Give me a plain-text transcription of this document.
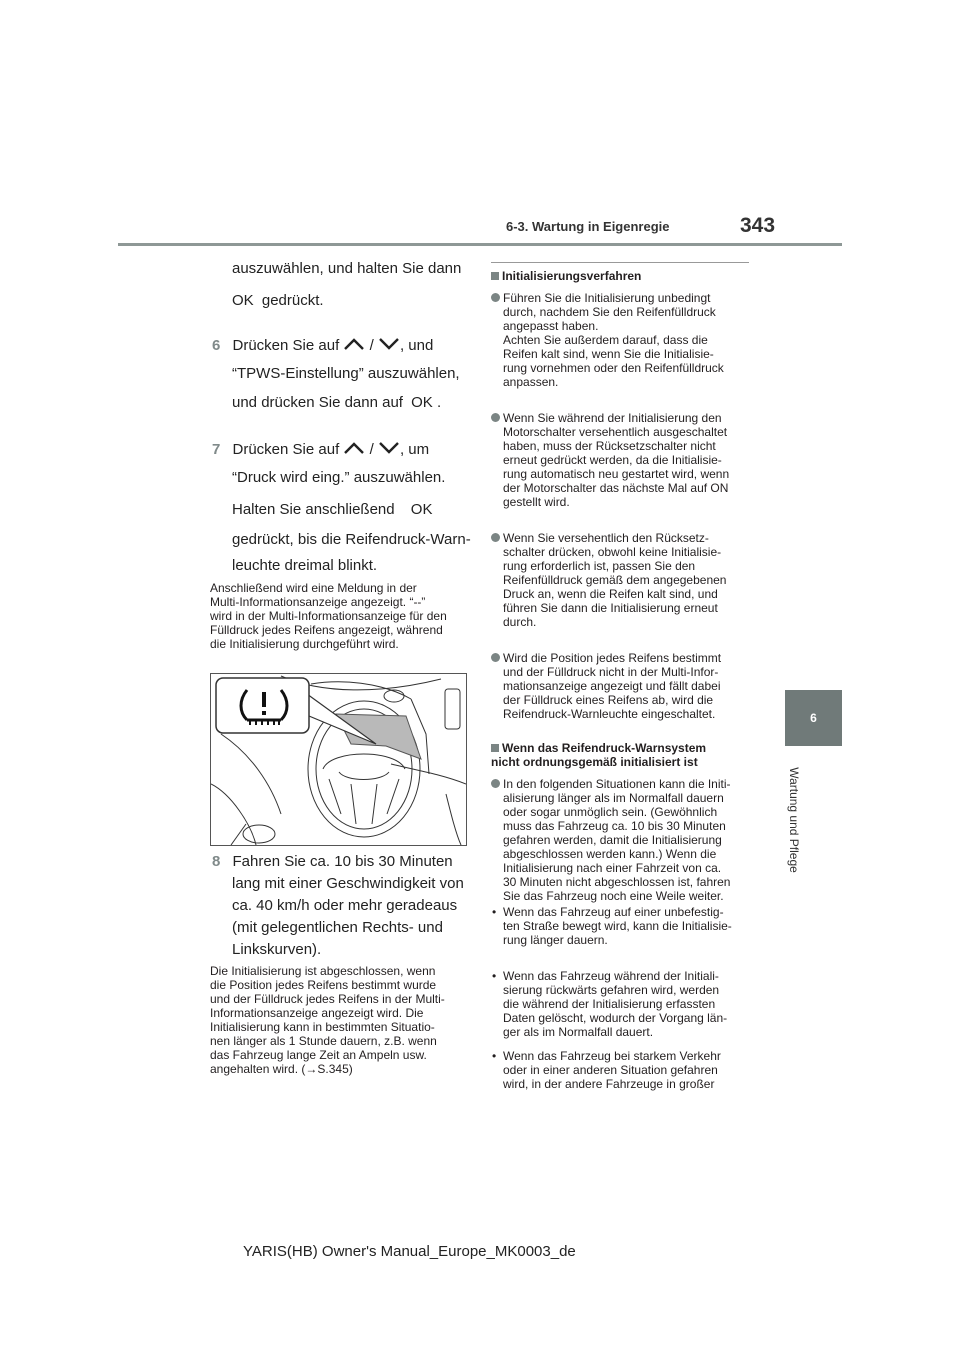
6-3. Wartung in Eigenregie	343
6
Wartung und Pflege
auszuwählen, und halten Sie dann
OK gedrückt.
6 Drücken Sie auf / , und
“TPWS-Einstellung” auszuwählen,
und drücken Sie dann auf OK .
7 Drücken Sie auf / , um
“Druck wird eing.” auszuwählen.
Halten Sie anschließend OK
gedrückt, bis die Reifendruck-Warn-
leuchte dreimal blinkt.
Anschließend wird eine Meldung in der
Multi-Informationsanzeige angezeigt. “--”
wird in der Multi-Informationsanzeige für den
Fülldruck jedes Reifens angezeigt, während
die Initialisierung durchgeführt wird.
8 Fahren Sie ca. 10 bis 30 Minuten
lang mit einer Geschwindigkeit von
ca. 40 km/h oder mehr geradeaus
(mit gelegentlichen Rechts- und
Linkskurven).
Die Initialisierung ist abgeschlossen, wenn
die Position jedes Reifens bestimmt wurde
und der Fülldruck jedes Reifens in der Multi-
Informationsanzeige angezeigt wird. Die
Initialisierung kann in bestimmten Situatio-
nen länger als 1 Stunde dauern, z.B. wenn
das Fahrzeug lange Zeit an Ampeln usw.
angehalten wird. (→S.345)
Initialisierungsverfahren
Führen Sie die Initialisierung unbedingt
durch, nachdem Sie den Reifenfülldruck
angepasst haben.
Achten Sie außerdem darauf, dass die
Reifen kalt sind, wenn Sie die Initialisie-
rung vornehmen oder den Reifenfülldruck
anpassen.
Wenn Sie während der Initialisierung den
Motorschalter versehentlich ausgeschaltet
haben, muss der Rücksetzschalter nicht
erneut gedrückt werden, da die Initialisie-
rung automatisch neu gestartet wird, wenn
der Motorschalter das nächste Mal auf ON
gestellt wird.
Wenn Sie versehentlich den Rücksetz-
schalter drücken, obwohl keine Initialisie-
rung erforderlich ist, passen Sie den
Reifenfülldruck gemäß dem angegebenen
Druck an, wenn die Reifen kalt sind, und
führen Sie dann die Initialisierung erneut
durch.
Wird die Position jedes Reifens bestimmt
und der Fülldruck nicht in der Multi-Infor-
mationsanzeige angezeigt und fällt dabei
der Fülldruck eines Reifens ab, wird die
Reifendruck-Warnleuchte eingeschaltet.
Wenn das Reifendruck-Warnsystem
nicht ordnungsgemäß initialisiert ist
In den folgenden Situationen kann die Initi-
alisierung länger als im Normalfall dauern
oder sogar unmöglich sein. (Gewöhnlich
muss das Fahrzeug ca. 10 bis 30 Minuten
gefahren werden, damit die Initialisierung
abgeschlossen werden kann.) Wenn die
Initialisierung nach einer Fahrzeit von ca.
30 Minuten nicht abgeschlossen ist, fahren
Sie das Fahrzeug noch eine Weile weiter.
• Wenn das Fahrzeug auf einer unbefestig-
ten Straße bewegt wird, kann die Initialisie-
rung länger dauern.
• Wenn das Fahrzeug während der Initiali-
sierung rückwärts gefahren wird, werden
die während der Initialisierung erfassten
Daten gelöscht, wodurch der Vorgang län-
ger als im Normalfall dauert.
• Wenn das Fahrzeug bei starkem Verkehr
oder in einer anderen Situation gefahren
wird, in der andere Fahrzeuge in großer
YARIS(HB) Owner's Manual_Europe_MK0003_de
